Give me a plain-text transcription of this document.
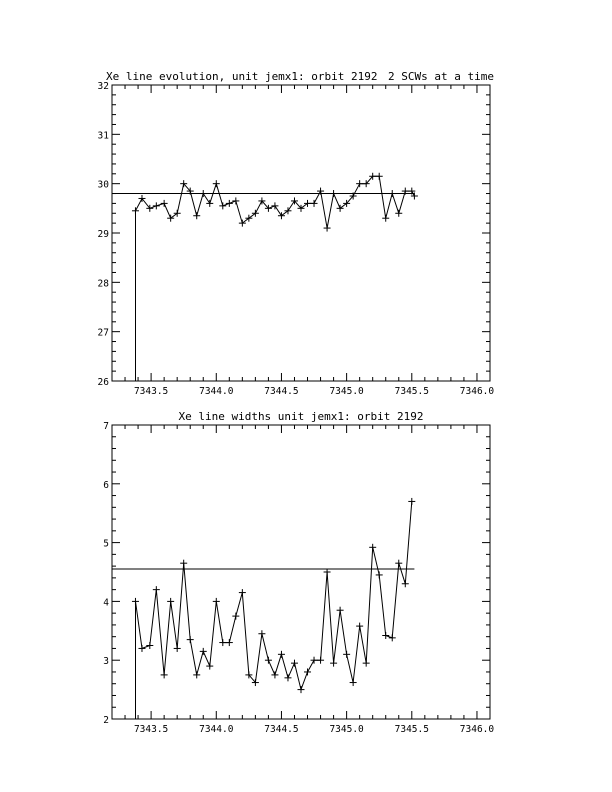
Xe line evolution, unit jemx1: orbit 2192 2 SCWs at a time
7343.5	7344.0	7344.5	7345.0	7345.5	7346.0
26
27
28
29
30
31
32
Xe line widths unit jemx1: orbit 2192
7343.5	7344.0	7344.5	7345.0	7345.5	7346.0
2
3
4
5
6
7
